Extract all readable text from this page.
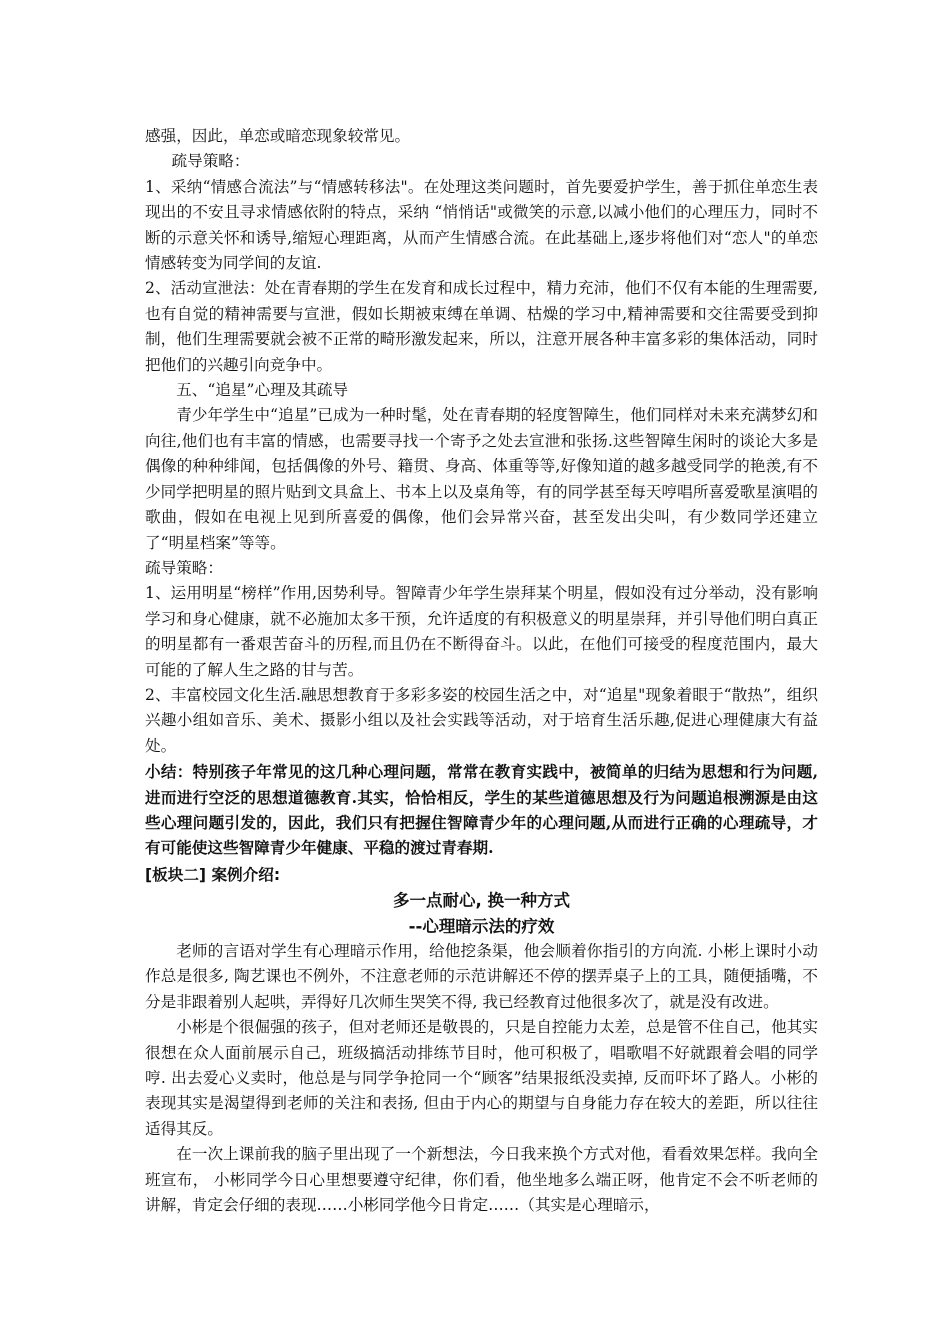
感强，因此，单恋或暗恋现象较常见。

疏导策略：

1、采纳“情感合流法”与“情感转移法"。在处理这类问题时，首先要爱护学生，善于抓住单恋生表现出的不安且寻求情感依附的特点，采纳 “悄悄话"或微笑的示意,以减小他们的心理压力，同时不断的示意关怀和诱导,缩短心理距离，从而产生情感合流。在此基础上,逐步将他们对“恋人"的单恋情感转变为同学间的友谊.

2、活动宣泄法：处在青春期的学生在发育和成长过程中，精力充沛，他们不仅有本能的生理需要,也有自觉的精神需要与宣泄，假如长期被束缚在单调、枯燥的学习中,精神需要和交往需要受到抑制，他们生理需要就会被不正常的畸形激发起来，所以，注意开展各种丰富多彩的集体活动，同时把他们的兴趣引向竞争中。

五、“追星”心理及其疏导

青少年学生中“追星”已成为一种时髦，处在青春期的轻度智障生，他们同样对未来充满梦幻和向往,他们也有丰富的情感，也需要寻找一个寄予之处去宣泄和张扬.这些智障生闲时的谈论大多是偶像的种种绯闻，包括偶像的外号、籍贯、身高、体重等等,好像知道的越多越受同学的艳羡,有不少同学把明星的照片贴到文具盒上、书本上以及桌角等，有的同学甚至每天哼唱所喜爱歌星演唱的歌曲，假如在电视上见到所喜爱的偶像，他们会异常兴奋，甚至发出尖叫，有少数同学还建立了“明星档案”等等。

疏导策略：

1、运用明星“榜样”作用,因势利导。智障青少年学生崇拜某个明星，假如没有过分举动，没有影响学习和身心健康，就不必施加太多干预，允许适度的有积极意义的明星崇拜，并引导他们明白真正的明星都有一番艰苦奋斗的历程,而且仍在不断得奋斗。以此，在他们可接受的程度范围内，最大可能的了解人生之路的甘与苦。

2、丰富校园文化生活.融思想教育于多彩多姿的校园生活之中，对“追星"现象着眼于“散热”，组织兴趣小组如音乐、美术、摄影小组以及社会实践等活动，对于培育生活乐趣,促进心理健康大有益处。

小结：特别孩子年常见的这几种心理问题，常常在教育实践中，被简单的归结为思想和行为问题,进而进行空泛的思想道德教育.其实，恰恰相反，学生的某些道德思想及行为问题追根溯源是由这些心理问题引发的，因此，我们只有把握住智障青少年的心理问题,从而进行正确的心理疏导，才有可能使这些智障青少年健康、平稳的渡过青春期.

[板块二] 案例介绍:

多一点耐心, 换一种方式

--心理暗示法的疗效

老师的言语对学生有心理暗示作用，给他挖条渠，他会顺着你指引的方向流. 小彬上课时小动作总是很多, 陶艺课也不例外，不注意老师的示范讲解还不停的摆弄桌子上的工具，随便插嘴，不分是非跟着别人起哄，弄得好几次师生哭笑不得, 我已经教育过他很多次了，就是没有改进。

小彬是个很倔强的孩子，但对老师还是敬畏的，只是自控能力太差，总是管不住自己，他其实很想在众人面前展示自己，班级搞活动排练节目时，他可积极了，唱歌唱不好就跟着会唱的同学哼. 出去爱心义卖时，他总是与同学争抢同一个“顾客”结果报纸没卖掉, 反而吓坏了路人。小彬的表现其实是渴望得到老师的关注和表扬, 但由于内心的期望与自身能力存在较大的差距，所以往往适得其反。

在一次上课前我的脑子里出现了一个新想法，今日我来换个方式对他，看看效果怎样。我向全班宣布， 小彬同学今日心里想要遵守纪律，你们看，他坐地多么端正呀，他肯定不会不听老师的讲解，肯定会仔细的表现……小彬同学他今日肯定……（其实是心理暗示，
